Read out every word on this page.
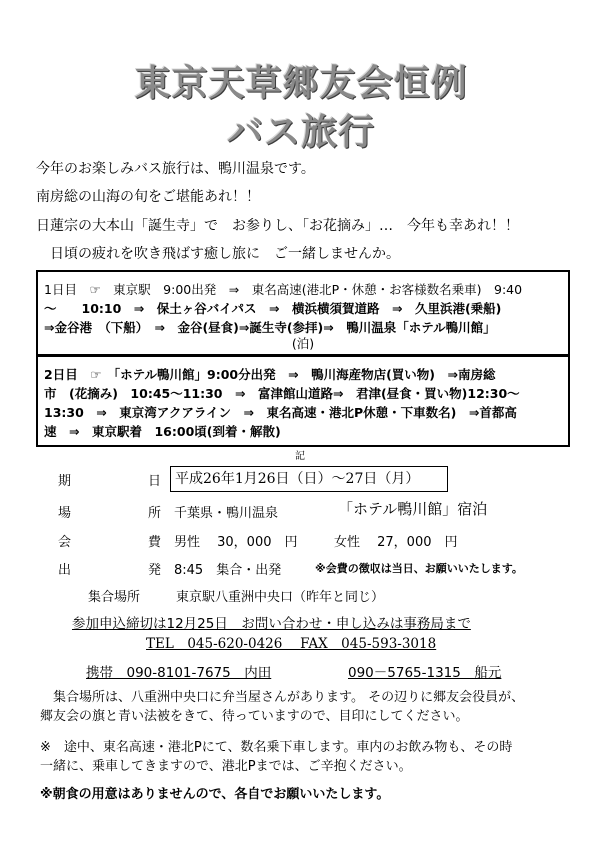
東京天草郷友会恒例
バス旅行
今年のお楽しみバス旅行は、鴨川温泉です。
南房総の山海の旬をご堪能あれ！！
日蓮宗の大本山「誕生寺」で　お参りし、「お花摘み」…　今年も幸あれ！！
　日頃の疲れを吹き飛ばす癒し旅に　ご一緒しませんか。
1日目　☞　東京駅　9:00出発　⇒　東名高速(港北P・休憩・お客様数名乗車)　9:40
～　　10:10　⇒　保土ヶ谷バイパス　⇒　横浜横須賀道路　⇒　久里浜港(乗船)
⇒金谷港　（下船）　⇒　金谷(昼食)⇒誕生寺(参拝)⇒　鴨川温泉「ホテル鴨川館」
(泊)
2日目　☞　「ホテル鴨川館」9:00分出発　⇒　鴨川海産物店(買い物)　⇒南房総
市　(花摘み)　10:45～11:30　⇒　富津館山道路⇒　君津(昼食・買い物)12:30～
13:30　⇒　東京湾アクアライン　⇒　東名高速・港北P休憩・下車数名)　⇒首都高
速　⇒　東京駅着　16:00頃(到着・解散)
記
期	日 平成26年1月26日（日）～27日（月）
場	所 千葉県・鴨川温泉	「ホテル鴨川館」宿泊
会	費 男性　 30，000　円	女性　 27，000　円
出	発 8:45　集合・出発	※会費の徴収は当日、お願いいたします。
集合場所	東京駅八重洲中央口（昨年と同じ）
参加申込締切は12月25日　お問い合わせ・申し込みは事務局まで
TEL　045-620-0426　 FAX　045-593-3018
携帯　090-8101-7675　内田	090－5765-1315　船元
　集合場所は、八重洲中央口に弁当屋さんがあります。 その辺りに郷友会役員が、
郷友会の旗と青い法被をきて、待っていますので、目印にしてください。
※　途中、東名高速・港北Pにて、数名乗下車します。車内のお飲み物も、その時
一緒に、乗車してきますので、港北Pまでは、ご辛抱ください。
※朝食の用意はありませんので、各自でお願いいたします。
